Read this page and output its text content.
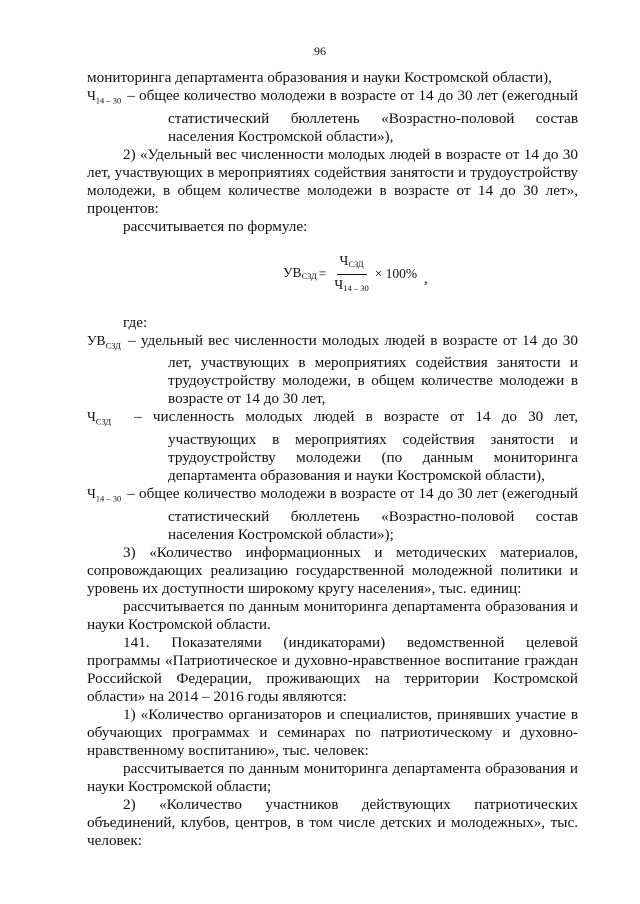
96

мониторинга департамента образования и науки Костромской области),

$Ч_{14 - 30}$ – общее количество молодежи в возрасте от 14 до 30 лет (ежегодный статистический бюллетень «Возрастно-половой состав населения Костромской области»),

2) «Удельный вес численности молодых людей в возрасте от 14 до 30 лет, участвующих в мероприятиях содействия занятости и трудоустройству молодежи, в общем количестве молодежи в возрасте от 14 до 30 лет», процентов:

рассчитывается по формуле:

$УВ_{СЗД} = \frac{Ч_{СЗД}}{Ч_{14 - 30}} \times 100\%$ ,

где:

$УВ_{СЗД}$ – удельный вес численности молодых людей в возрасте от 14 до 30 лет, участвующих в мероприятиях содействия занятости и трудоустройству молодежи, в общем количестве молодежи в возрасте от 14 до 30 лет,

$Ч_{СЗД}$ – численность молодых людей в возрасте от 14 до 30 лет, участвующих в мероприятиях содействия занятости и трудоустройству молодежи (по данным мониторинга департамента образования и науки Костромской области),

$Ч_{14 - 30}$ – общее количество молодежи в возрасте от 14 до 30 лет (ежегодный статистический бюллетень «Возрастно-половой состав населения Костромской области»);

3) «Количество информационных и методических материалов, сопровождающих реализацию государственной молодежной политики и уровень их доступности широкому кругу населения», тыс. единиц:

рассчитывается по данным мониторинга департамента образования и науки Костромской области.

141. Показателями (индикаторами) ведомственной целевой программы «Патриотическое и духовно-нравственное воспитание граждан Российской Федерации, проживающих на территории Костромской области» на 2014 – 2016 годы являются:

1) «Количество организаторов и специалистов, принявших участие в обучающих программах и семинарах по патриотическому и духовно-нравственному воспитанию», тыс. человек:

рассчитывается по данным мониторинга департамента образования и науки Костромской области;

2) «Количество участников действующих патриотических объединений, клубов, центров, в том числе детских и молодежных», тыс. человек:
